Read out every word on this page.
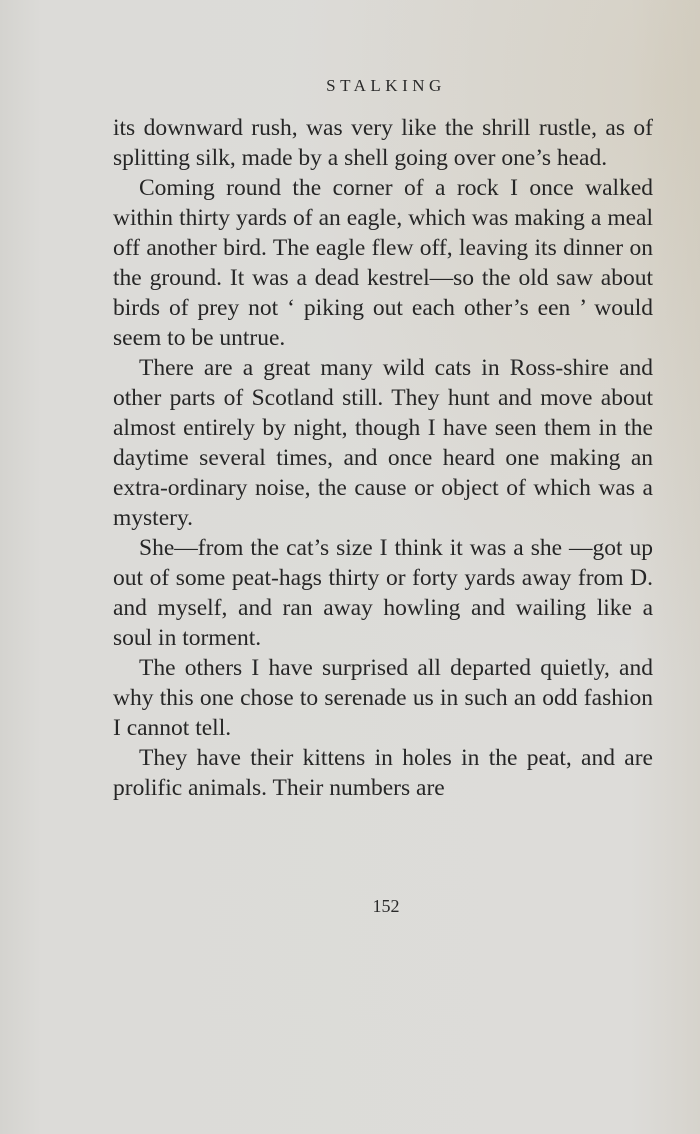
STALKING

its downward rush, was very like the shrill rustle, as of splitting silk, made by a shell going over one’s head.

Coming round the corner of a rock I once walked within thirty yards of an eagle, which was making a meal off another bird. The eagle flew off, leaving its dinner on the ground. It was a dead kestrel—so the old saw about birds of prey not ‘ piking out each other’s een ’ would seem to be untrue.

There are a great many wild cats in Ross-shire and other parts of Scotland still. They hunt and move about almost entirely by night, though I have seen them in the daytime several times, and once heard one making an extra-ordinary noise, the cause or object of which was a mystery.

She—from the cat’s size I think it was a she —got up out of some peat-hags thirty or forty yards away from D. and myself, and ran away howling and wailing like a soul in torment.

The others I have surprised all departed quietly, and why this one chose to serenade us in such an odd fashion I cannot tell.

They have their kittens in holes in the peat, and are prolific animals. Their numbers are

152
